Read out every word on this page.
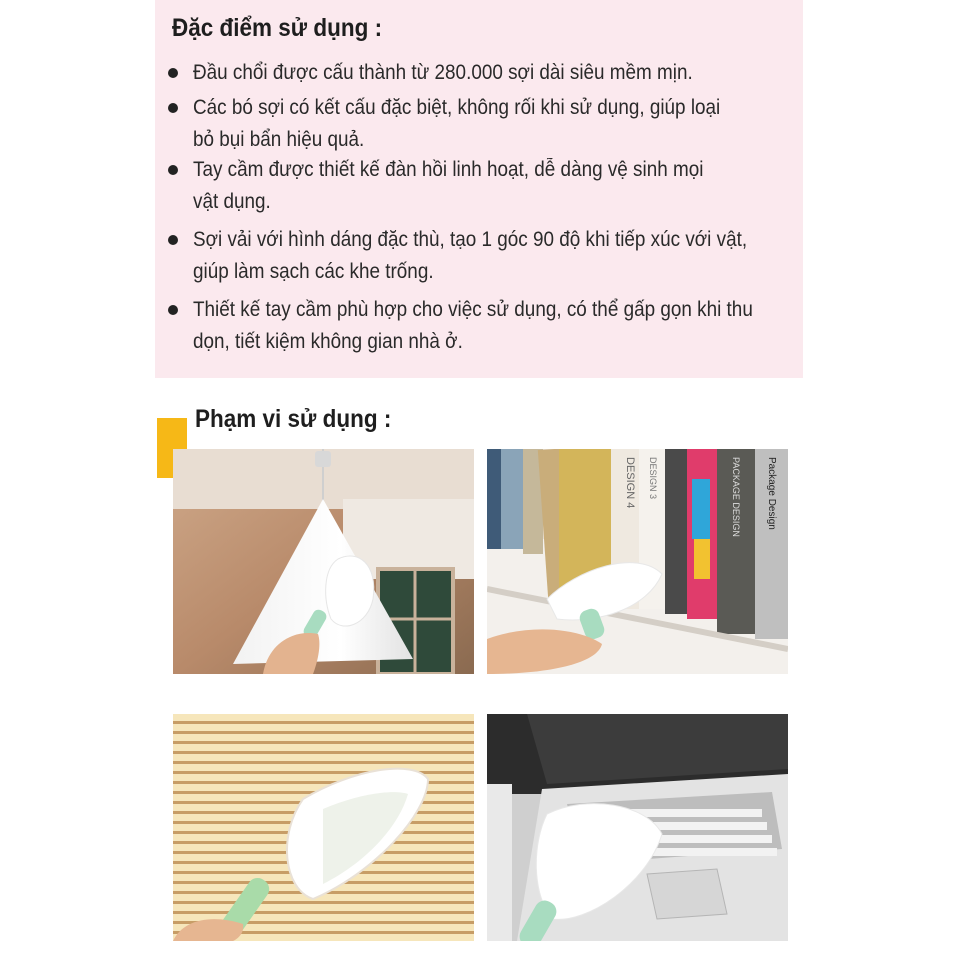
Đặc điểm sử dụng :
Đầu chổi được cấu thành từ 280.000 sợi dài siêu mềm mịn.
Các bó sợi có kết cấu đặc biệt, không rối khi sử dụng, giúp loại
bỏ bụi bẩn hiệu quả.
Tay cầm được thiết kế đàn hồi linh hoạt, dễ dàng vệ sinh mọi
vật dụng.
Sợi vải với hình dáng đặc thù, tạo 1 góc 90 độ khi tiếp xúc với vật,
giúp làm sạch các khe trống.
Thiết kế tay cầm phù hợp cho việc sử dụng, có thể gấp gọn khi thu
dọn, tiết kiệm không gian nhà ở.
Phạm vi sử dụng :
DESIGN 4 DESIGN 3	PACKAGE DESIGN	Package Design
